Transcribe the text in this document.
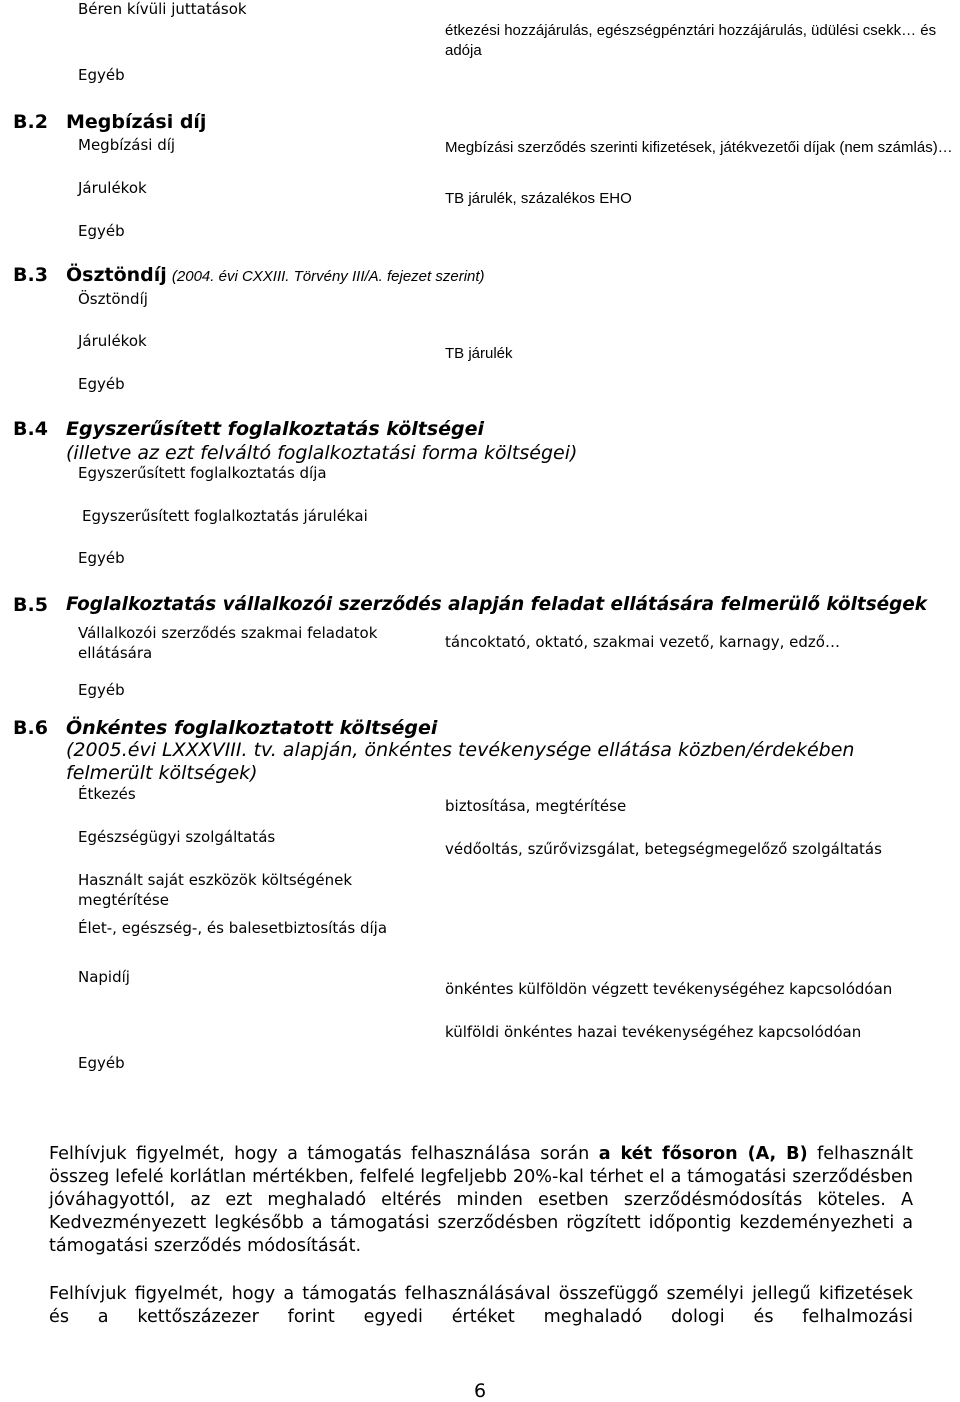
Béren kívüli juttatások
étkezési hozzájárulás, egészségpénztári hozzájárulás, üdülési csekk… és adója
Egyéb
B.2 Megbízási díj
Megbízási díj	Megbízási szerződés szerinti kifizetések, játékvezetői díjak (nem számlás)…
Járulékok
TB járulék, százalékos EHO
Egyéb
B.3 Ösztöndíj (2004. évi CXXIII. Törvény III/A. fejezet szerint)
Ösztöndíj
Járulékok
TB járulék
Egyéb
B.4 Egyszerűsített foglalkoztatás költségei
(illetve az ezt felváltó foglalkoztatási forma költségei)
Egyszerűsített foglalkoztatás díja
Egyszerűsített foglalkoztatás járulékai
Egyéb
B.5 Foglalkoztatás vállalkozói szerződés alapján feladat ellátására felmerülő költségek
Vállalkozói szerződés szakmai feladatok ellátására
táncoktató, oktató, szakmai vezető, karnagy, edző…
Egyéb
B.6 Önkéntes foglalkoztatott költségei
(2005.évi LXXXVIII. tv. alapján, önkéntes tevékenysége ellátása közben/érdekében
felmerült költségek)
Étkezés
biztosítása, megtérítése
Egészségügyi szolgáltatás
védőoltás, szűrővizsgálat, betegségmegelőző szolgáltatás
Használt saját eszközök költségének megtérítése
Élet-, egészség-, és balesetbiztosítás díja
Napidíj
önkéntes külföldön végzett tevékenységéhez kapcsolódóan
külföldi önkéntes hazai tevékenységéhez kapcsolódóan
Egyéb
Felhívjuk figyelmét, hogy a támogatás felhasználása során a két fősoron (A, B) felhasznált összeg lefelé korlátlan mértékben, felfelé legfeljebb 20%-kal térhet el a támogatási szerződésben jóváhagyottól, az ezt meghaladó eltérés minden esetben szerződésmódosítás köteles. A Kedvezményezett legkésőbb a támogatási szerződésben rögzített időpontig kezdeményezheti a támogatási szerződés módosítását.
Felhívjuk figyelmét, hogy a támogatás felhasználásával összefüggő személyi jellegű kifizetések és a kettőszázezer forint egyedi értéket meghaladó dologi és felhalmozási
6
